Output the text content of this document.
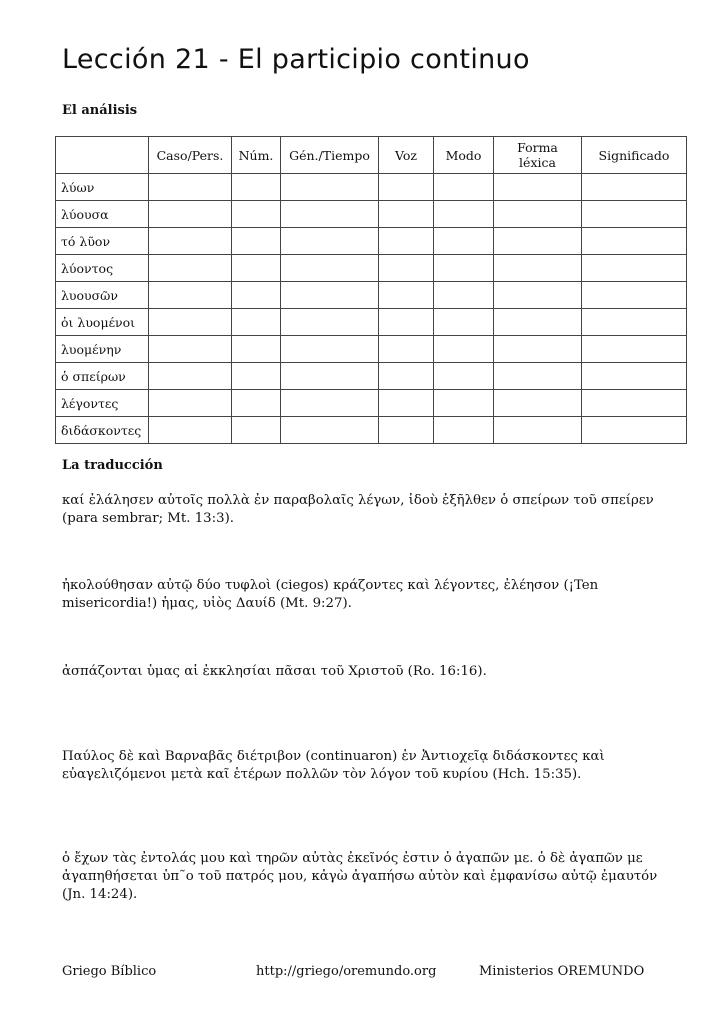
Lección 21 - El participio continuo
El análisis
	Caso/Pers.	Núm.	Gén./Tiempo	Voz	Modo	Forma léxica	Significado
λύων							
λύουσα							
τό λῦον							
λύοντος							
λυουσῶν							
ὀι λυομένοι							
λυομένην							
ὁ σπείρων							
λέγοντες							
διδάσκοντες							
La traducción
καί ἐλάλησεν αὐτοῖς πολλὰ ἐν παραβολαῖς λέγων, ἰδοὺ ἐξῆλθεν ὁ σπείρων τοῦ σπείρεν (para sembrar; Mt. 13:3).
ἠκολούθησαν αὐτῷ δύο τυφλοὶ (ciegos) κράζοντες καὶ λέγοντες, ἐλέησον (¡Ten misericordia!) ἡμας, υἱὸς Δαυίδ (Mt. 9:27).
ἀσπάζονται ὑμας αἱ ἐκκλησίαι πᾶσαι τοῦ Χριστοῦ (Ro. 16:16).
Παύλος δὲ καὶ Βαρναβᾶς διέτριβον (continuaron) ἐν Ἀντιοχεῖᾳ διδάσκοντες καὶ εὐαγελιζόμενοι μετὰ καῖ ἑτέρων πολλῶν τὸν λόγον τοῦ κυρίου (Hch. 15:35).
ὁ ἔχων τὰς ἐντολάς μου καὶ τηρῶν αὐτὰς ἐκεῖνός ἐστιν ὁ ἀγαπῶν με. ὁ δὲ ἀγαπῶν με ἀγαπηθήσεται ὑπ῀ο τοῦ πατρός μου, κἀγὼ ἀγαπήσω αὐτὸν καὶ ἐμφανίσω αὐτῷ ἐμαυτόν (Jn. 14:24).
Griego Bíblico	http://griego/oremundo.org	Ministerios OREMUNDO
